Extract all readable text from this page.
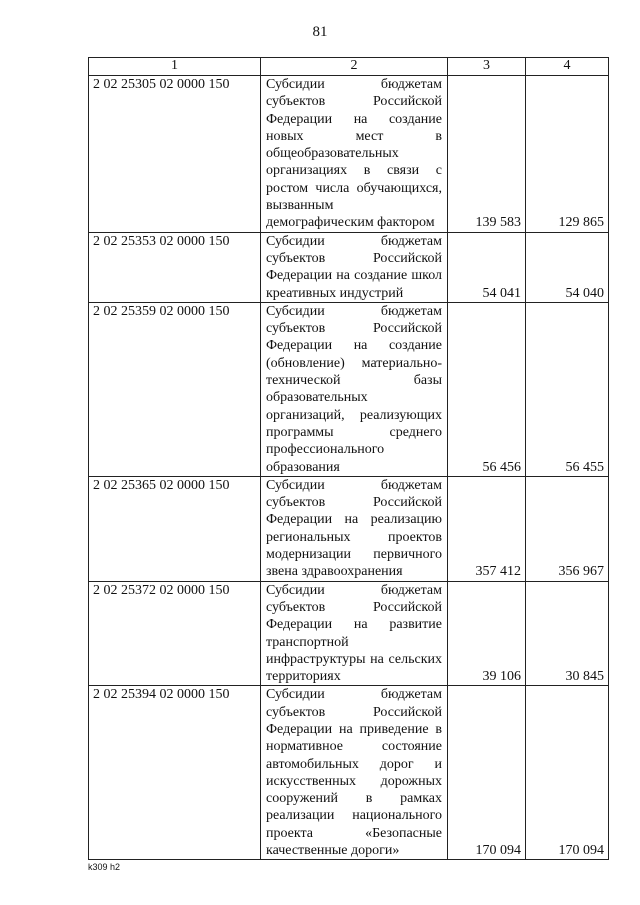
81
1	2	3	4
2 02 25305 02 0000 150	Субсидии бюджетам субъектов Российской Федерации на создание новых мест в общеобразовательных организациях в связи с ростом числа обучающихся, вызванным демографическим фактором	139 583	129 865
2 02 25353 02 0000 150	Субсидии бюджетам субъектов Российской Федерации на создание школ креативных индустрий	54 041	54 040
2 02 25359 02 0000 150	Субсидии бюджетам субъектов Российской Федерации на создание (обновление) материально-технической базы образовательных организаций, реализующих программы среднего профессионального образования	56 456	56 455
2 02 25365 02 0000 150	Субсидии бюджетам субъектов Российской Федерации на реализацию региональных проектов модернизации первичного звена здравоохранения	357 412	356 967
2 02 25372 02 0000 150	Субсидии бюджетам субъектов Российской Федерации на развитие транспортной инфраструктуры на сельских территориях	39 106	30 845
2 02 25394 02 0000 150	Субсидии бюджетам субъектов Российской Федерации на приведение в нормативное состояние автомобильных дорог и искусственных дорожных сооружений в рамках реализации национального проекта «Безопасные качественные дороги»	170 094	170 094
k309 h2
